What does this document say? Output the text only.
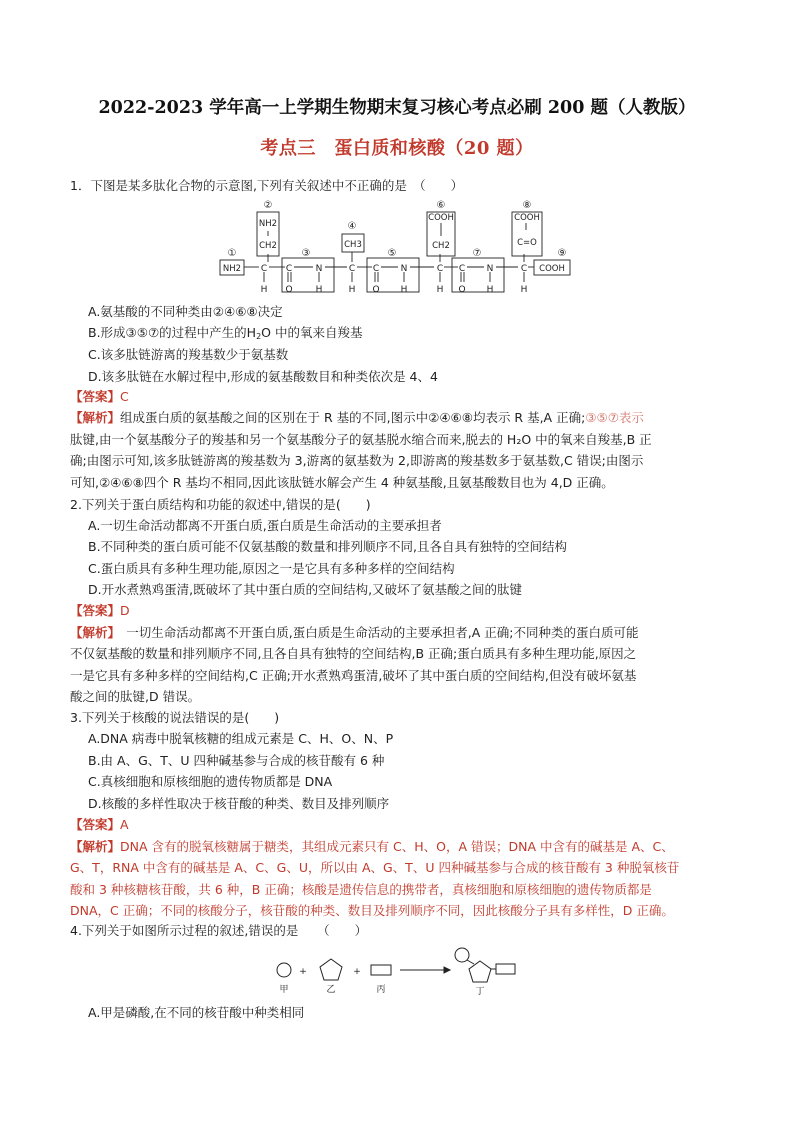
2022-2023 学年高一上学期生物期末复习核心考点必刷 200 题（人教版）
考点三　蛋白质和核酸（20 题）
1．下图是某多肽化合物的示意图,下列有关叙述中不正确的是　（　　）
②
④
⑥	⑧
①	③	⑤	⑦	⑨
NH2
CH2	CH3
COOH
CH2
COOH
C=O
NH2	COOH
C C	N	C C N	C C N	C
H O	H	H O H	H O H	H
A.氨基酸的不同种类由②④⑥⑧决定
B.形成③⑤⑦的过程中产生的$H_2O$ 中的氧来自羧基
C.该多肽链游离的羧基数少于氨基数
D.该多肽链在水解过程中,形成的氨基酸数目和种类依次是 4、4
【答案】C
【解析】组成蛋白质的氨基酸之间的区别在于 R 基的不同,图示中②④⑥⑧均表示 R 基,A 正确;③⑤⑦表示
肽键,由一个氨基酸分子的羧基和另一个氨基酸分子的氨基脱水缩合而来,脱去的 H₂O 中的氧来自羧基,B 正
确;由图示可知,该多肽链游离的羧基数为 3,游离的氨基数为 2,即游离的羧基数多于氨基数,C 错误;由图示
可知,②④⑥⑧四个 R 基均不相同,因此该肽链水解会产生 4 种氨基酸,且氨基酸数目也为 4,D 正确。
2.下列关于蛋白质结构和功能的叙述中,错误的是(　　)
A.一切生命活动都离不开蛋白质,蛋白质是生命活动的主要承担者
B.不同种类的蛋白质可能不仅氨基酸的数量和排列顺序不同,且各自具有独特的空间结构
C.蛋白质具有多种生理功能,原因之一是它具有多种多样的空间结构
D.开水煮熟鸡蛋清,既破坏了其中蛋白质的空间结构,又破坏了氨基酸之间的肽键
【答案】D
【解析】　一切生命活动都离不开蛋白质,蛋白质是生命活动的主要承担者,A 正确;不同种类的蛋白质可能
不仅氨基酸的数量和排列顺序不同,且各自具有独特的空间结构,B 正确;蛋白质具有多种生理功能,原因之
一是它具有多种多样的空间结构,C 正确;开水煮熟鸡蛋清,破坏了其中蛋白质的空间结构,但没有破坏氨基
酸之间的肽键,D 错误。
3.下列关于核酸的说法错误的是(　　)
A.DNA 病毒中脱氧核糖的组成元素是 C、H、O、N、P
B.由 A、G、T、U 四种碱基参与合成的核苷酸有 6 种
C.真核细胞和原核细胞的遗传物质都是 DNA
D.核酸的多样性取决于核苷酸的种类、数目及排列顺序
【答案】A
【解析】DNA 含有的脱氧核糖属于糖类，其组成元素只有 C、H、O，A 错误；DNA 中含有的碱基是 A、C、
G、T，RNA 中含有的碱基是 A、C、G、U，所以由 A、G、T、U 四种碱基参与合成的核苷酸有 3 种脱氧核苷
酸和 3 种核糖核苷酸，共 6 种，B 正确；核酸是遗传信息的携带者，真核细胞和原核细胞的遗传物质都是
DNA，C 正确；不同的核酸分子，核苷酸的种类、数目及排列顺序不同，因此核酸分子具有多样性，D 正确。
4.下列关于如图所示过程的叙述,错误的是　　（　　）
+	+
甲	乙	丙	丁
A.甲是磷酸,在不同的核苷酸中种类相同
